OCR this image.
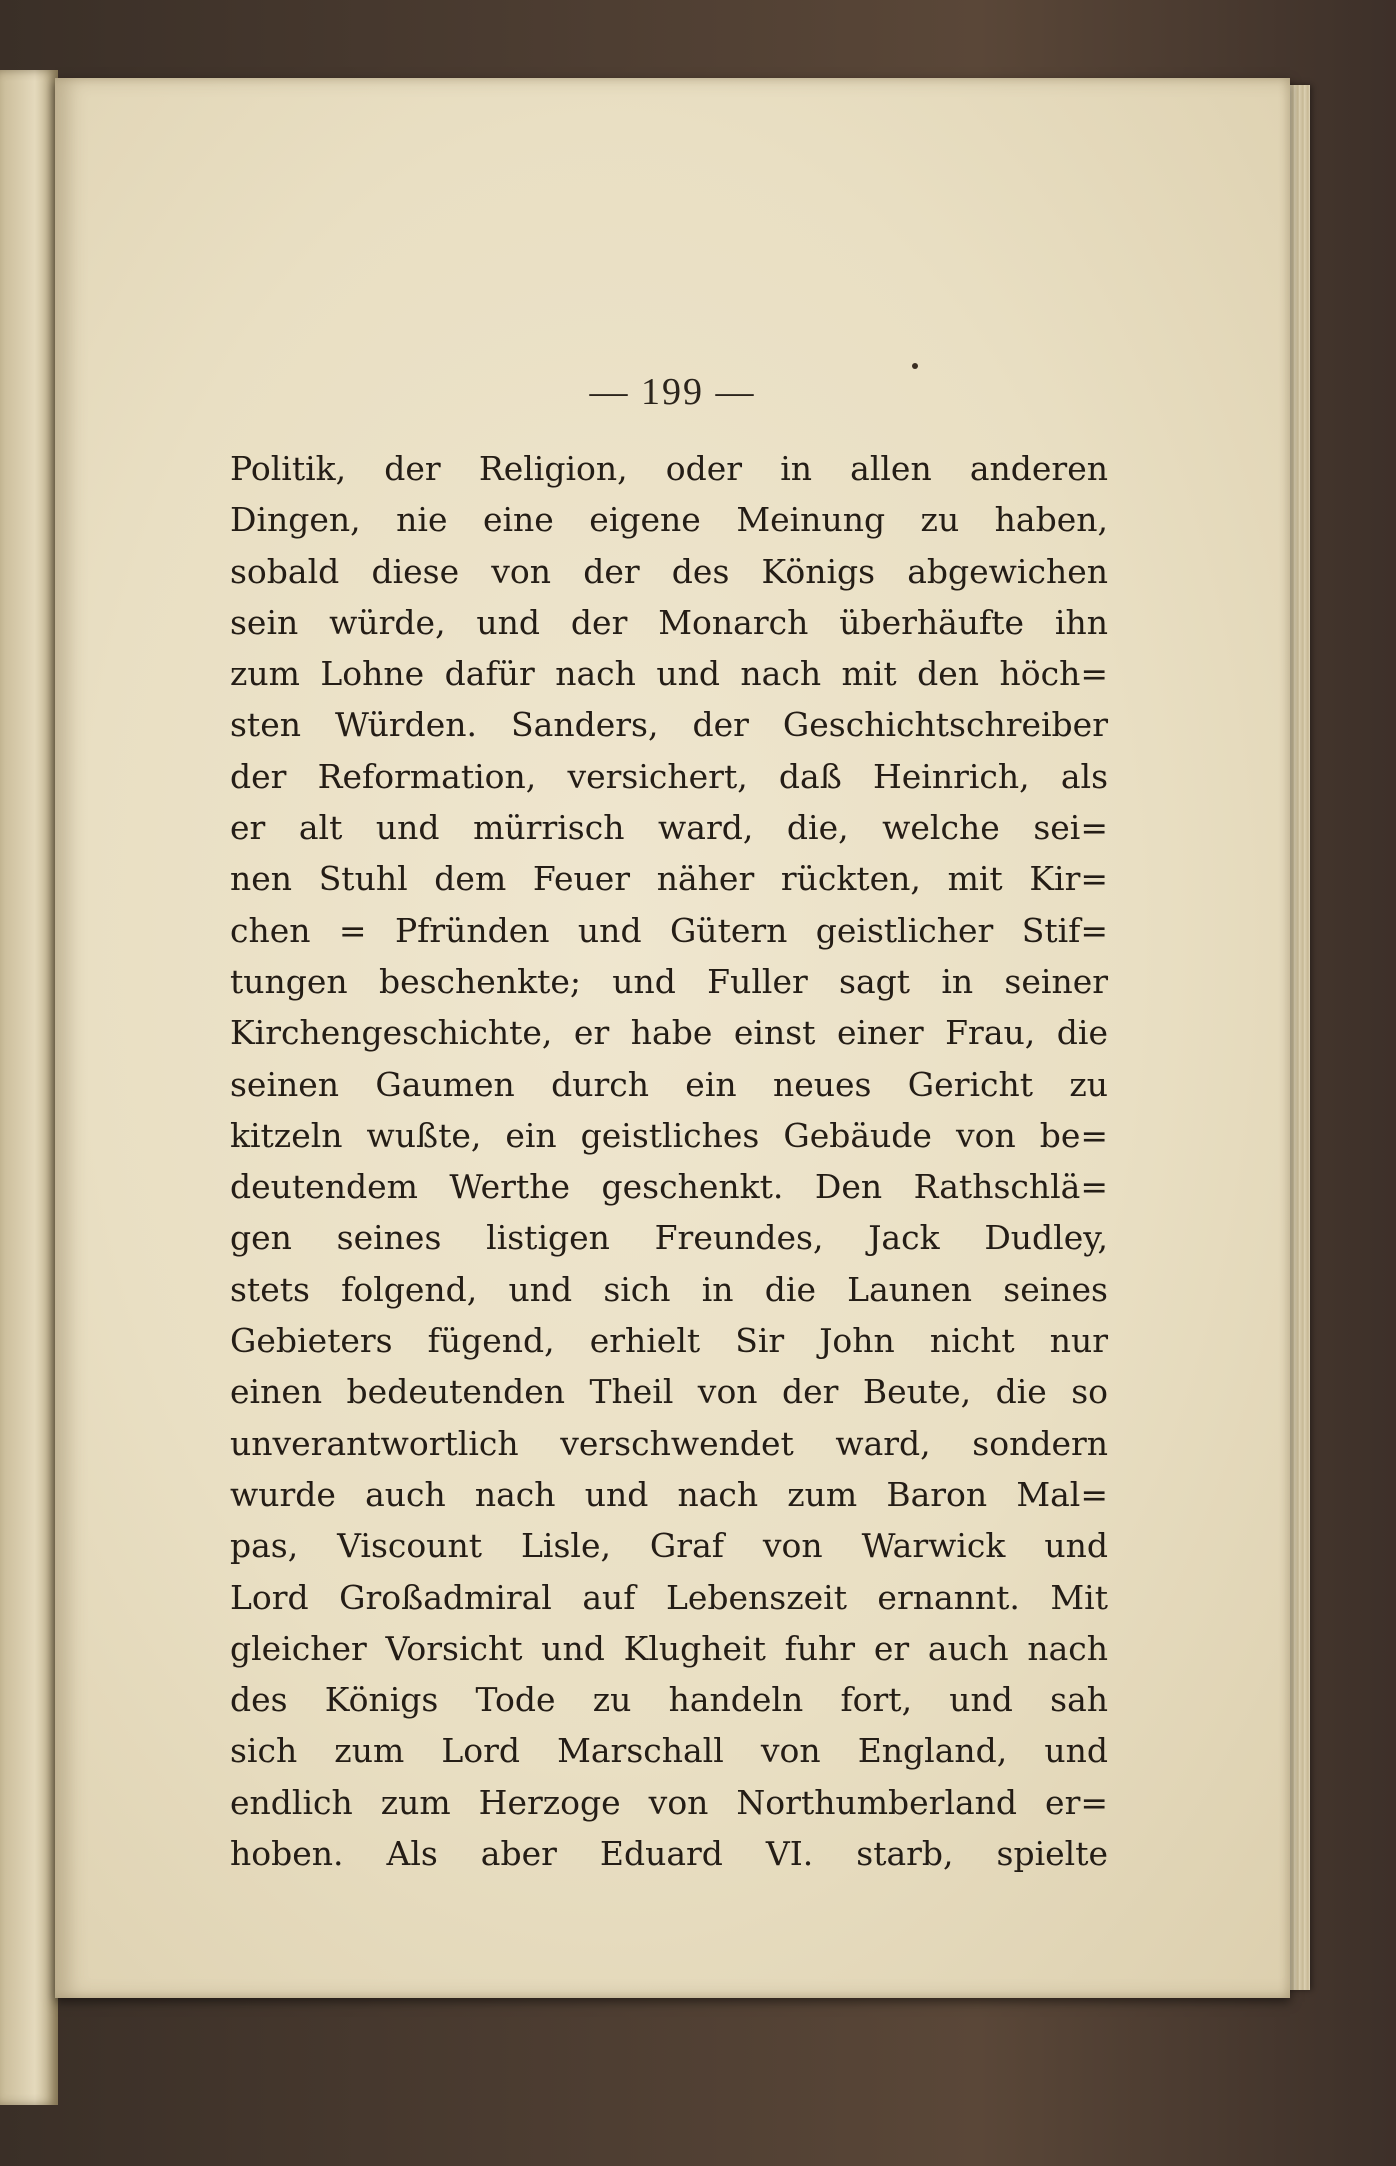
— 199 —
Politik, der Religion, oder in allen anderen
Dingen, nie eine eigene Meinung zu haben,
sobald diese von der des Königs abgewichen
sein würde, und der Monarch überhäufte ihn
zum Lohne dafür nach und nach mit den höch=
sten Würden. Sanders, der Geschichtschreiber
der Reformation, versichert, daß Heinrich, als
er alt und mürrisch ward, die, welche sei=
nen Stuhl dem Feuer näher rückten, mit Kir=
chen = Pfründen und Gütern geistlicher Stif=
tungen beschenkte; und Fuller sagt in seiner
Kirchengeschichte, er habe einst einer Frau, die
seinen Gaumen durch ein neues Gericht zu
kitzeln wußte, ein geistliches Gebäude von be=
deutendem Werthe geschenkt. Den Rathschlä=
gen seines listigen Freundes, Jack Dudley,
stets folgend, und sich in die Launen seines
Gebieters fügend, erhielt Sir John nicht nur
einen bedeutenden Theil von der Beute, die so
unverantwortlich verschwendet ward, sondern
wurde auch nach und nach zum Baron Mal=
pas, Viscount Lisle, Graf von Warwick und
Lord Großadmiral auf Lebenszeit ernannt. Mit
gleicher Vorsicht und Klugheit fuhr er auch nach
des Königs Tode zu handeln fort, und sah
sich zum Lord Marschall von England, und
endlich zum Herzoge von Northumberland er=
hoben. Als aber Eduard VI. starb, spielte
